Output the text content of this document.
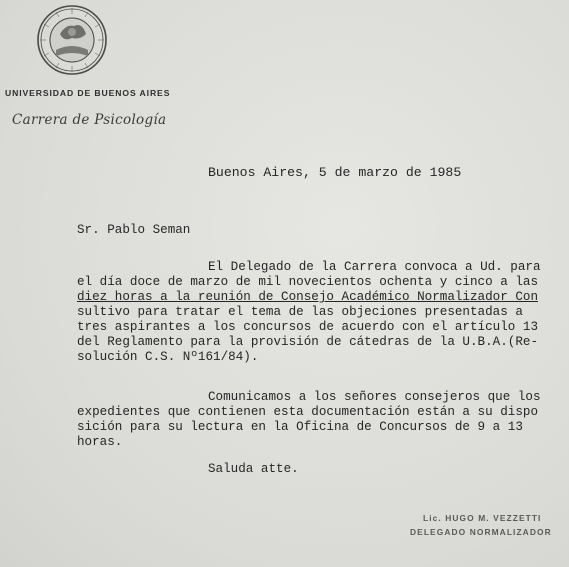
UNIVERSIDAD DE BUENOS AIRES
Carrera de Psicología
Buenos Aires, 5 de marzo de 1985
Sr. Pablo Seman
El Delegado de la Carrera convoca a Ud. para
el día doce de marzo de mil novecientos ochenta y cinco a las
diez horas a la reunión de Consejo Académico Normalizador Con
sultivo para tratar el tema de las objeciones presentadas a
tres aspirantes a los concursos de acuerdo con el artículo 13
del Reglamento para la provisión de cátedras de la U.B.A.(Re-
solución C.S. Nº161/84).
Comunicamos a los señores consejeros que los
expedientes que contienen esta documentación están a su dispo
sición para su lectura en la Oficina de Concursos de 9 a 13
horas.
Saluda atte.
Lic. HUGO M. VEZZETTI
DELEGADO NORMALIZADOR
